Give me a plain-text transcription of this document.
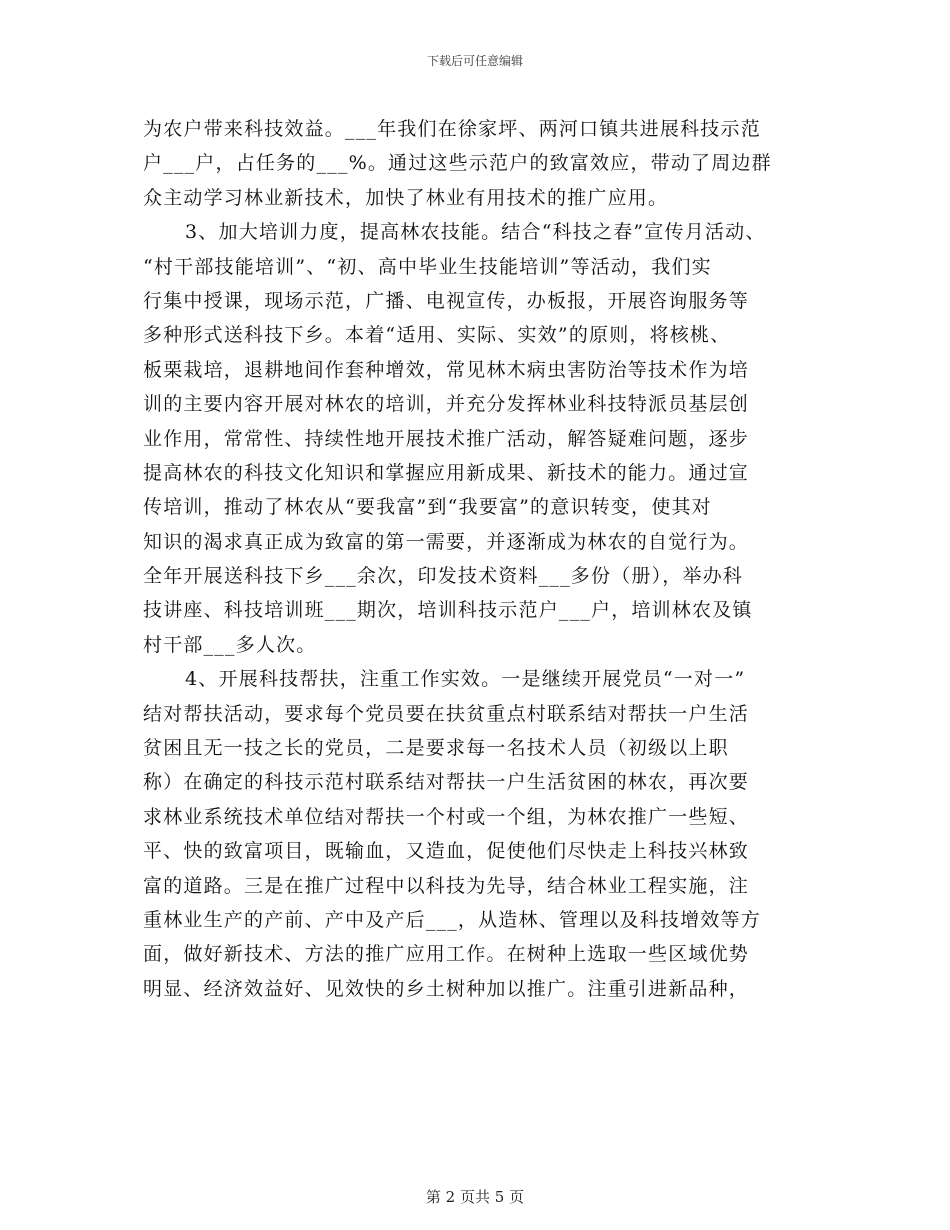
下载后可任意编辑
为农户带来科技效益。___年我们在徐家坪、两河口镇共进展科技示范
户___户，占任务的___%。通过这些示范户的致富效应，带动了周边群
众主动学习林业新技术，加快了林业有用技术的推广应用。
3、加大培训力度，提高林农技能。结合“科技之春”宣传月活动、
“村干部技能培训”、“初、高中毕业生技能培训”等活动，我们实
行集中授课，现场示范，广播、电视宣传，办板报，开展咨询服务等
多种形式送科技下乡。本着“适用、实际、实效”的原则，将核桃、
板栗栽培，退耕地间作套种增效，常见林木病虫害防治等技术作为培
训的主要内容开展对林农的培训，并充分发挥林业科技特派员基层创
业作用，常常性、持续性地开展技术推广活动，解答疑难问题，逐步
提高林农的科技文化知识和掌握应用新成果、新技术的能力。通过宣
传培训，推动了林农从“要我富”到“我要富”的意识转变，使其对
知识的渴求真正成为致富的第一需要，并逐渐成为林农的自觉行为。
全年开展送科技下乡___余次，印发技术资料___多份（册），举办科
技讲座、科技培训班___期次，培训科技示范户___户，培训林农及镇
村干部___多人次。
4、开展科技帮扶，注重工作实效。一是继续开展党员“一对一”
结对帮扶活动，要求每个党员要在扶贫重点村联系结对帮扶一户生活
贫困且无一技之长的党员，二是要求每一名技术人员（初级以上职
称）在确定的科技示范村联系结对帮扶一户生活贫困的林农，再次要
求林业系统技术单位结对帮扶一个村或一个组，为林农推广一些短、
平、快的致富项目，既输血，又造血，促使他们尽快走上科技兴林致
富的道路。三是在推广过程中以科技为先导，结合林业工程实施，注
重林业生产的产前、产中及产后___，从造林、管理以及科技增效等方
面，做好新技术、方法的推广应用工作。在树种上选取一些区域优势
明显、经济效益好、见效快的乡土树种加以推广。注重引进新品种，
第 2 页共 5 页
